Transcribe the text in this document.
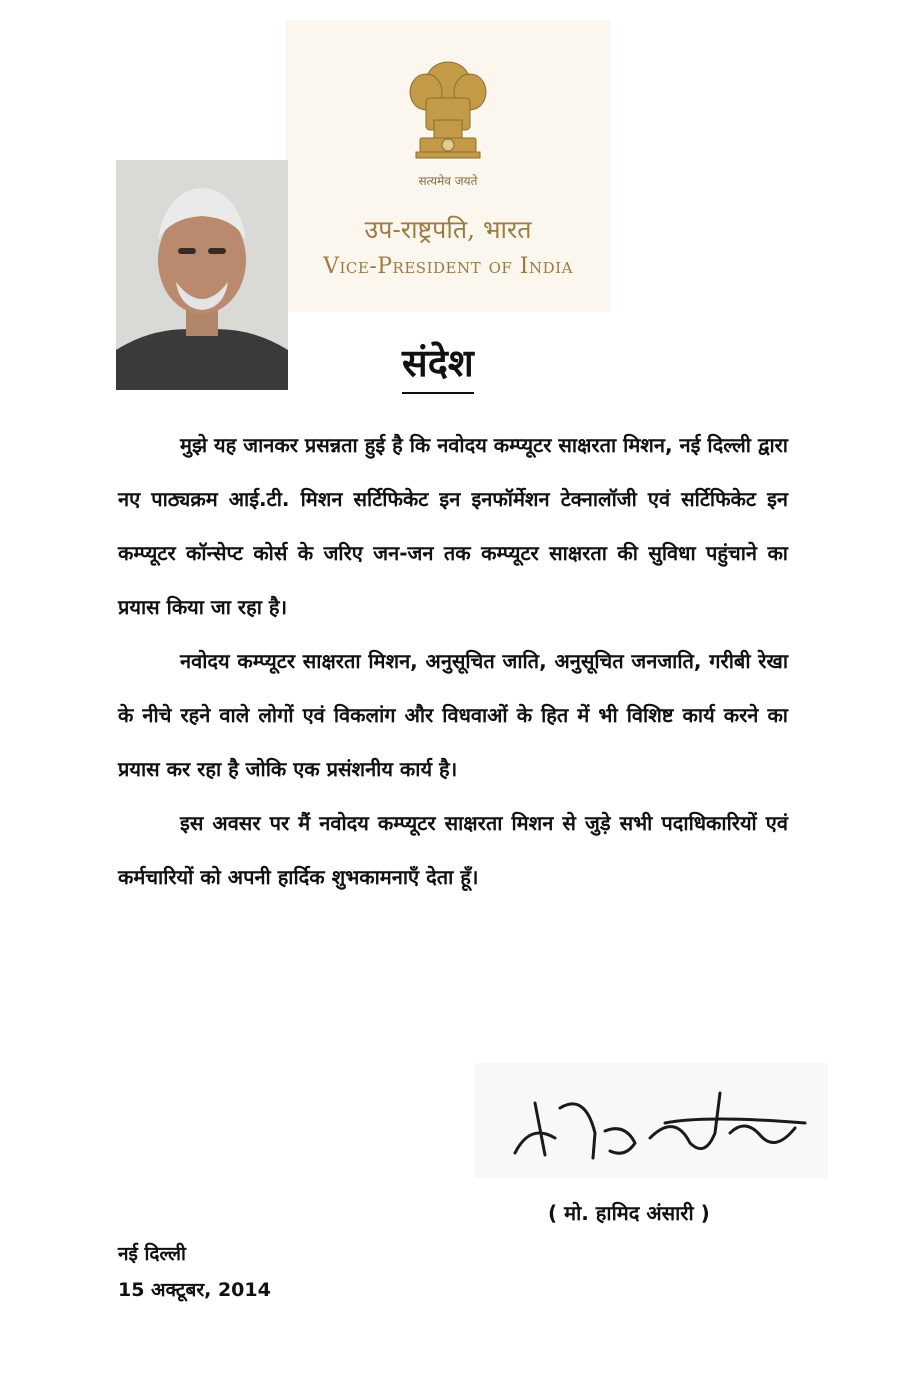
सत्यमेव जयते
उप-राष्ट्रपति, भारत
Vice-President of India
संदेश

मुझे यह जानकर प्रसन्नता हुई है कि नवोदय कम्प्यूटर साक्षरता मिशन, नई दिल्ली द्वारा नए पाठ्यक्रम आई.टी. मिशन सर्टिफिकेट इन इनफॉर्मेशन टेक्नालॉजी एवं सर्टिफिकेट इन कम्प्यूटर कॉन्सेप्ट कोर्स के जरिए जन-जन तक कम्प्यूटर साक्षरता की सुविधा पहुंचाने का प्रयास किया जा रहा है।

नवोदय कम्प्यूटर साक्षरता मिशन, अनुसूचित जाति, अनुसूचित जनजाति, गरीबी रेखा के नीचे रहने वाले लोगों एवं विकलांग और विधवाओं के हित में भी विशिष्ट कार्य करने का प्रयास कर रहा है जोकि एक प्रसंशनीय कार्य है।

इस अवसर पर मैं नवोदय कम्प्यूटर साक्षरता मिशन से जुड़े सभी पदाधिकारियों एवं कर्मचारियों को अपनी हार्दिक शुभकामनाएँ देता हूँ।

( मो. हामिद अंसारी )
नई दिल्ली
15 अक्टूबर, 2014
